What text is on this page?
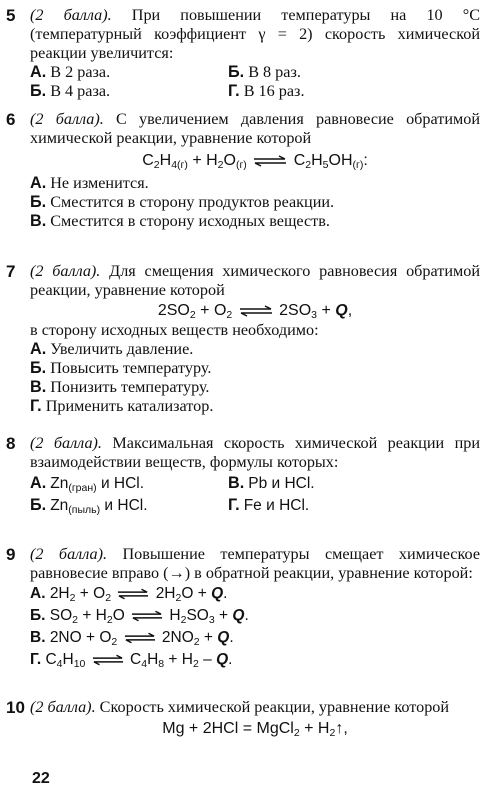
5 (2 балла). При повышении температуры на 10 °С (температурный коэффициент γ = 2) скорость химической реакции увеличится:
А. В 2 раза.	Б. В 8 раз.
Б. В 4 раза.	Г. В 16 раз.
6 (2 балла). С увеличением давления равновесие обратимой химической реакции, уравнение которой
$C_2H_{4(г)} + H_2O_{(г)}$ ⇌ $C_2H_5OH_{(г)}$:
А. Не изменится.
Б. Сместится в сторону продуктов реакции.
В. Сместится в сторону исходных веществ.
7 (2 балла). Для смещения химического равновесия обратимой реакции, уравнение которой
$2SO_2 + O_2$ ⇌ $2SO_3 + Q$,
в сторону исходных веществ необходимо:
А. Увеличить давление.
Б. Повысить температуру.
В. Понизить температуру.
Г. Применить катализатор.
8 (2 балла). Максимальная скорость химической реакции при взаимодействии веществ, формулы которых:
А. $Zn_{(гран)}$ и HCl.	В. Pb и HCl.
Б. $Zn_{(пыль)}$ и HCl.	Г. Fe и HCl.
9 (2 балла). Повышение температуры смещает химическое равновесие вправо (→) в обратной реакции, уравнение которой:
А. $2H_2 + O_2$ ⇌ $2H_2O + Q$.
Б. $SO_2 + H_2O$ ⇌ $H_2SO_3 + Q$.
В. $2NO + O_2$ ⇌ $2NO_2 + Q$.
Г. $C_4H_{10}$ ⇌ $C_4H_8 + H_2 - Q$.
10 (2 балла). Скорость химической реакции, уравнение которой
Mg + 2HCl = MgCl$_2$ + $H_2↑$,
22
